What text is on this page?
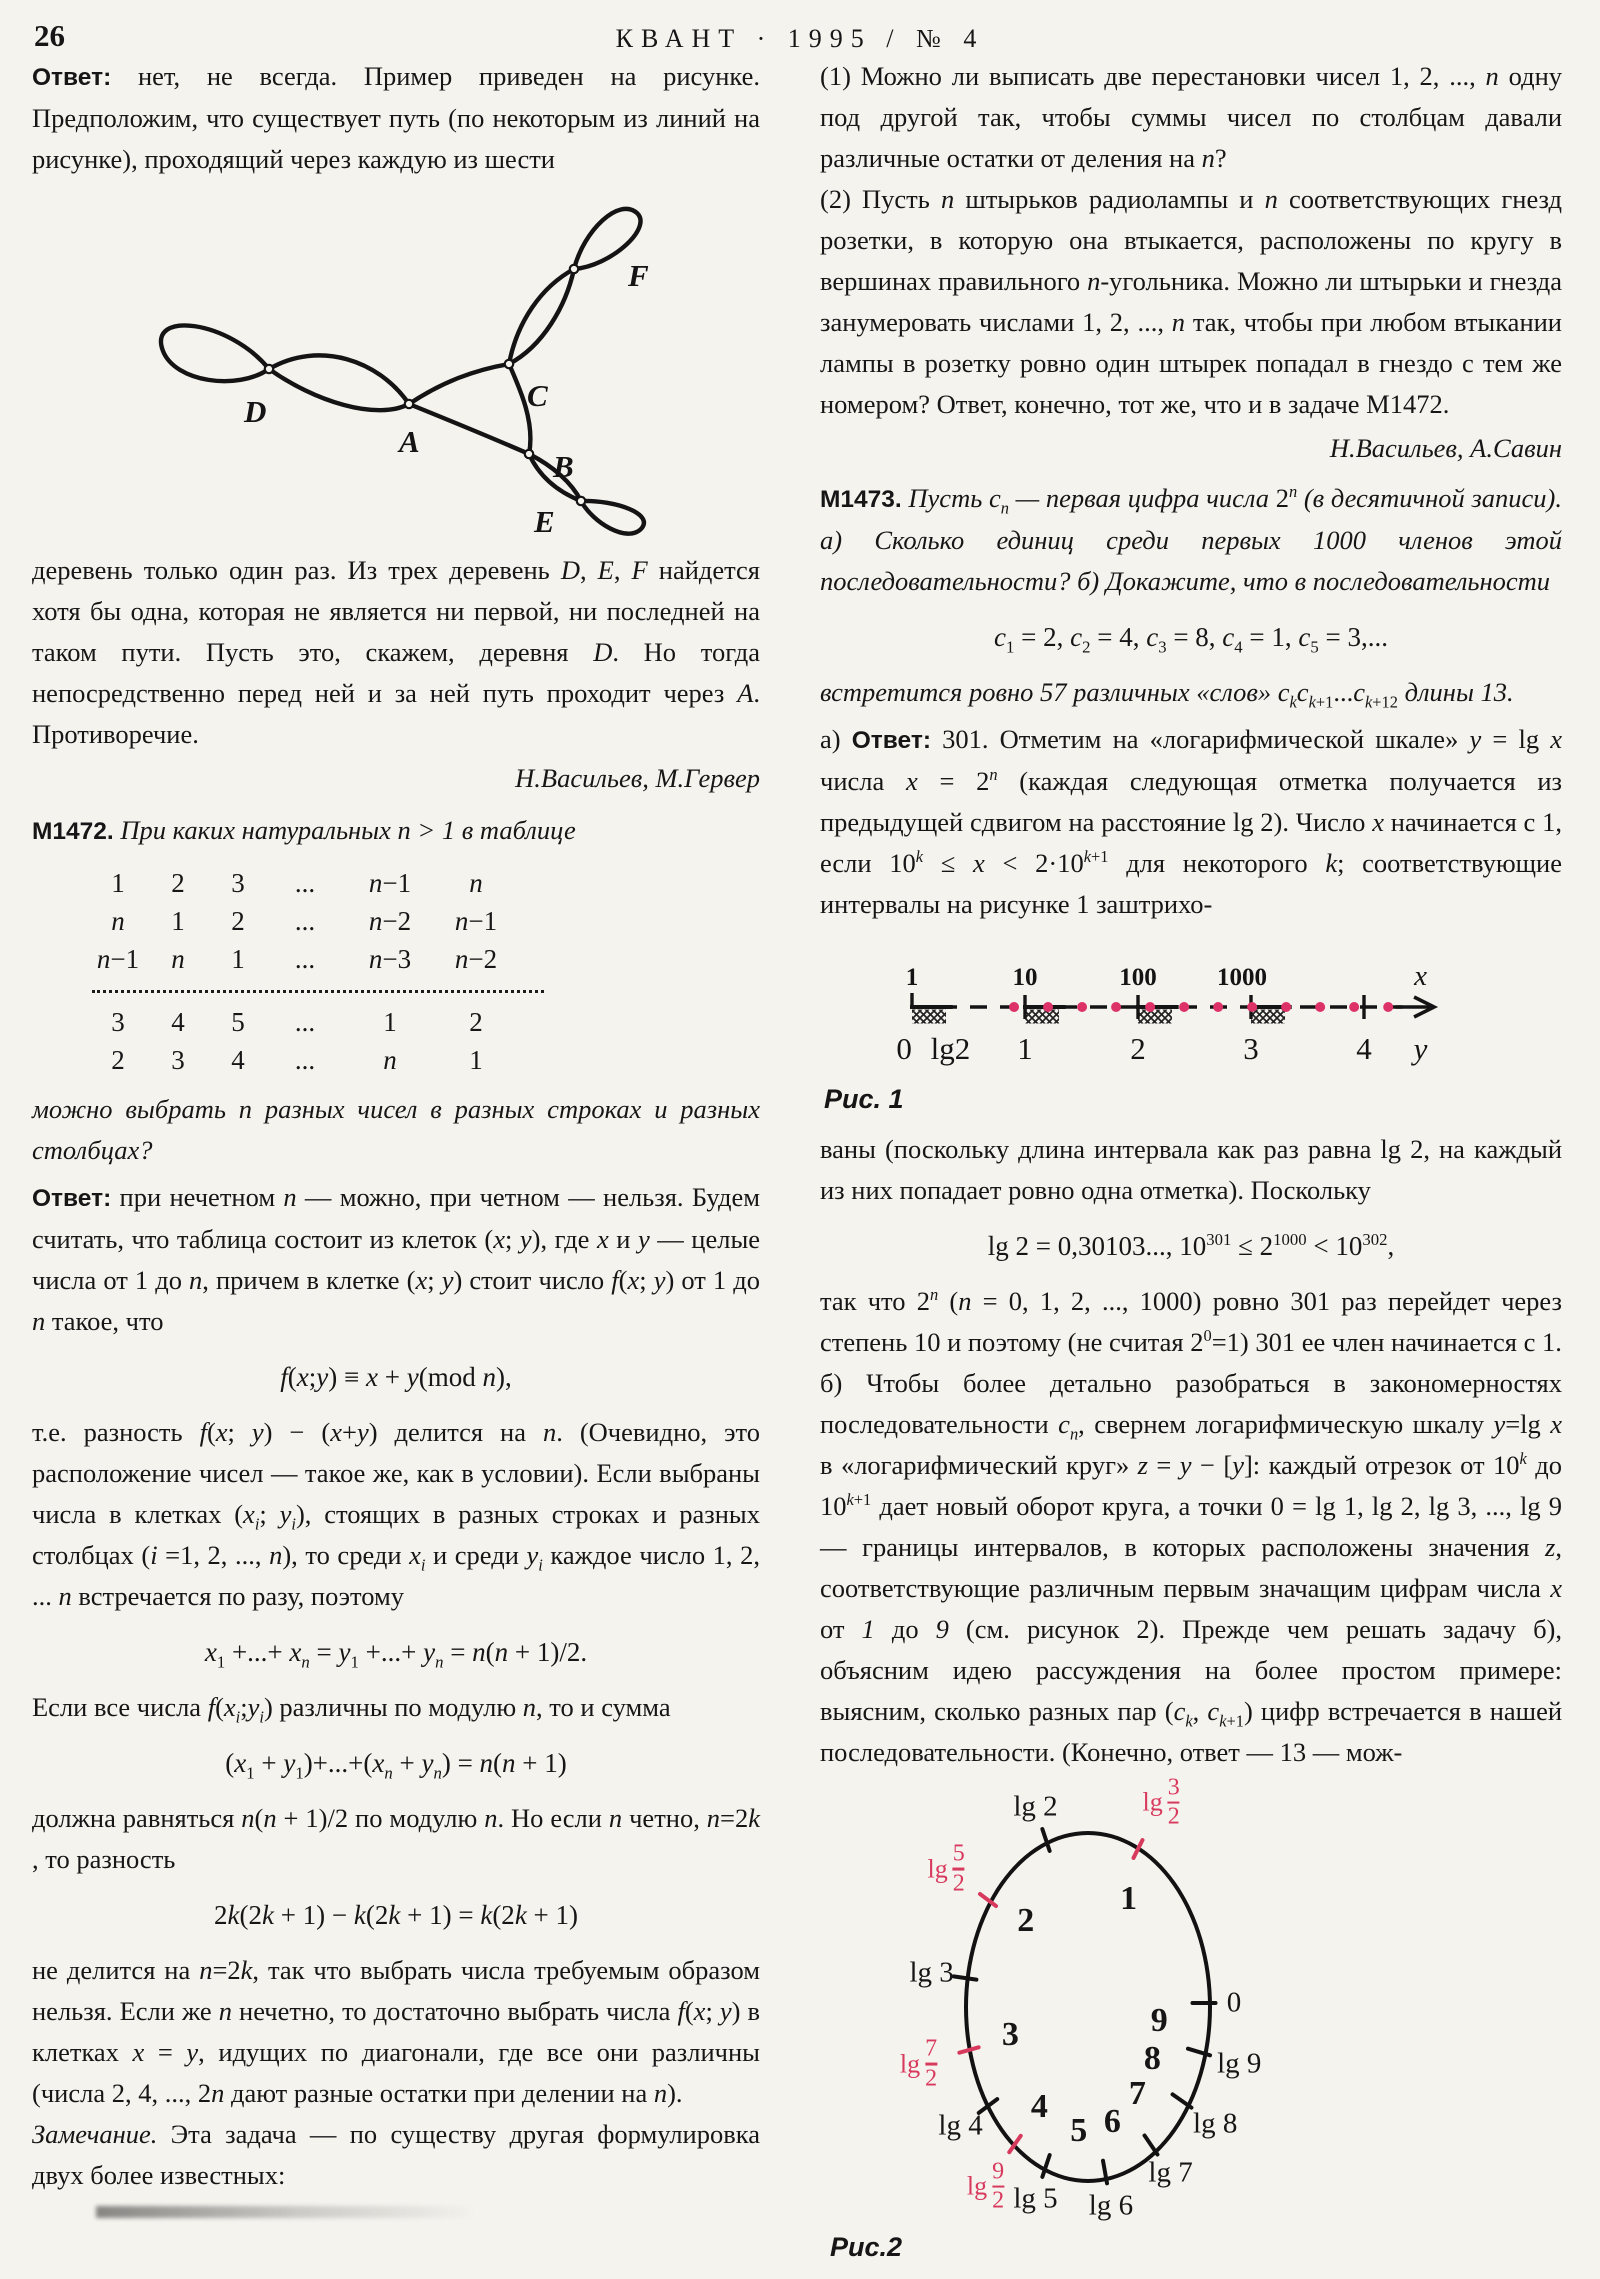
26	КВАНТ · 1995 / № 4

Ответ: нет, не всегда. Пример приведен на рисунке. Предположим, что существует путь (по некоторым из линий на рисунке), проходящий через каждую из шести

D
A
C
B
F
E

деревень только один раз. Из трех деревень D, E, F найдется хотя бы одна, которая не является ни первой, ни последней на таком пути. Пусть это, скажем, деревня D. Но тогда непосредственно перед ней и за ней путь проходит через A. Противоречие.

Н.Васильев, М.Гервер

М1472. При каких натуральных n > 1 в таблице

1	2	3	...	n−1	n
n	1	2	...	n−2	n−1
n−1	n	1	...	n−3	n−2
3	4	5	...	1	2
2	3	4	...	n	1

можно выбрать n разных чисел в разных строках и разных столбцах?

Ответ: при нечетном n — можно, при четном — нельзя. Будем считать, что таблица состоит из клеток (x; y), где x и y — целые числа от 1 до n, причем в клетке (x; y) стоит число f(x; y) от 1 до n такое, что

f(x;y) ≡ x + y(mod n),

т.е. разность f(x; y) − (x+y) делится на n. (Очевидно, это расположение чисел — такое же, как в условии). Если выбраны числа в клетках ($x_i$; $y_i$), стоящих в разных строках и разных столбцах (i =1, 2, ..., n), то среди $x_i$ и среди $y_i$ каждое число 1, 2, ... n встречается по разу, поэтому

$x_1$ +...+ $x_n = y_1$ +...+ $y_n = n(n + 1)/2$.

Если все числа $f(x_i;y_i)$ различны по модулю n, то и сумма

$(x_1 + y_1)+...+(x_n + y_n) = n(n + 1)$

должна равняться n(n + 1)/2 по модулю n. Но если n четно, n=2k , то разность

2k(2k + 1) − k(2k + 1) = k(2k + 1)

не делится на n=2k, так что выбрать числа требуемым образом нельзя. Если же n нечетно, то достаточно выбрать числа f(x; y) в клетках x = y, идущих по диагонали, где все они различны (числа 2, 4, ..., 2n дают разные остатки при делении на n).

Замечание. Эта задача — по существу другая формулировка двух более известных:

(1) Можно ли выписать две перестановки чисел 1, 2, ..., n одну под другой так, чтобы суммы чисел по столбцам давали различные остатки от деления на n?

(2) Пусть n штырьков радиолампы и n соответствующих гнезд розетки, в которую она втыкается, расположены по кругу в вершинах правильного n-угольника. Можно ли штырьки и гнезда занумеровать числами 1, 2, ..., n так, чтобы при любом втыкании лампы в розетку ровно один штырек попадал в гнездо с тем же номером? Ответ, конечно, тот же, что и в задаче М1472.

Н.Васильев, А.Савин

М1473. Пусть $c_n$ — первая цифра числа 2$^n$ (в десятичной записи). а) Сколько единиц среди первых 1000 членов этой последовательности? б) Докажите, что в последовательности

$c_1 = 2$, $c_2 = 4$, $c_3 = 8$, $c_4 = 1$, $c_5 = 3$,...

встретится ровно 57 различных «слов» $c_kc_{k+1}...c_{k+12}$ длины 13.

а) Ответ: 301. Отметим на «логарифмической шкале» y = lg x числа $x = 2^n$ (каждая следующая отметка получается из предыдущей сдвигом на расстояние lg 2). Число x начинается с 1, если $10^k \le x < 2\cdot 10^{k+1}$ для некоторого k; соответствующие интервалы на рисунке 1 заштрихо-

1	10	100 1000	x
0 lg2 1	2	3	4 y
Рис. 1

ваны (поскольку длина интервала как раз равна lg 2, на каждый из них попадает ровно одна отметка). Поскольку

lg 2 = 0,30103..., $10^{301} \le 2^{1000} < 10^{302}$,

так что 2$^n$ (n = 0, 1, 2, ..., 1000) ровно 301 раз перейдет через степень 10 и поэтому (не считая $2^0=1$) 301 ее член начинается с 1.

б) Чтобы более детально разобраться в закономерностях последовательности $c_n$, свернем логарифмическую шкалу y=lg x в «логарифмический круг» z = y − [y]: каждый отрезок от 10$^k$ до $10^{k+1}$ дает новый оборот круга, а точки 0 = lg 1, lg 2, lg 3, ..., lg 9 — границы интервалов, в которых расположены значения z, соответствующие различным первым значащим цифрам числа x от 1 до 9 (см. рисунок 2). Прежде чем решать задачу б), объясним идею рассуждения на более простом примере: выясним, сколько разных пар ($c_k$, $c_{k+1}$) цифр встречается в нашей последовательности. (Конечно, ответ — 13 — мож-

lg 2
lg 3
lg 4
lg 5 lg 6
lg 7
lg 8
lg 9
0
lg
3
2
lg
5
2
lg
7
2
lg
9
2
1
2
3
4
5 6
7
8
9
Рис.2
